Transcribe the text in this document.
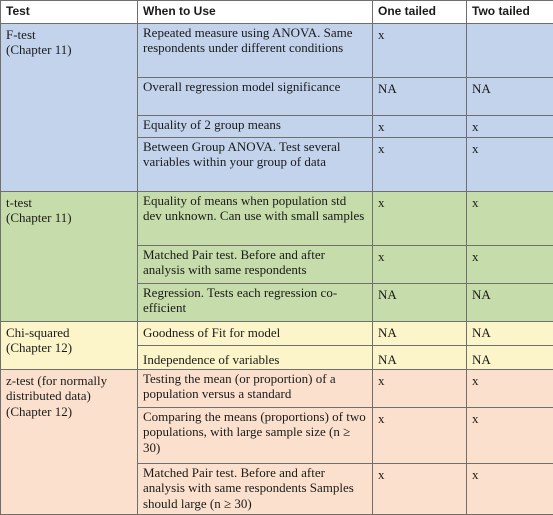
Test	When to Use	One tailed	Two tailed
F-test
(Chapter 11)	Repeated measure using ANOVA. Same respondents under different conditions	x	
	Overall regression model significance	NA	NA
	Equality of 2 group means	x	x
	Between Group ANOVA. Test several variables within your group of data	x	x
t-test
(Chapter 11)	Equality of means when population std dev unknown. Can use with small samples	x	x
	Matched Pair test. Before and after analysis with same respondents	x	x
	Regression. Tests each regression co-efficient	NA	NA
Chi-squared
(Chapter 12)	Goodness of Fit for model	NA	NA
	Independence of variables	NA	NA
z-test (for normally distributed data)
(Chapter 12)	Testing the mean (or proportion) of a population versus a standard	x	x
	Comparing the means (proportions) of two populations, with large sample size (n ≥ 30)	x	x
	Matched Pair test. Before and after analysis with same respondents Samples should large (n ≥ 30)	x	x
